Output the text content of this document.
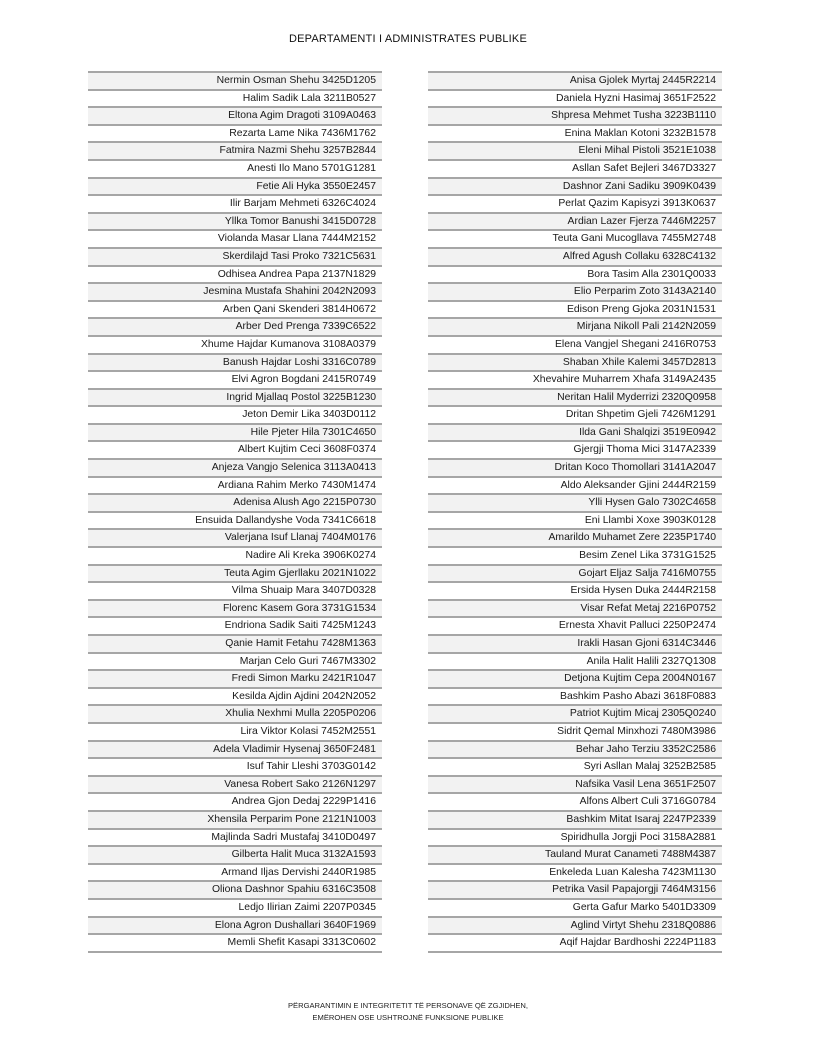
DEPARTAMENTI I ADMINISTRATES PUBLIKE
Nermin Osman Shehu 3425D1205
Halim Sadik Lala 3211B0527
Eltona Agim Dragoti 3109A0463
Rezarta Lame Nika 7436M1762
Fatmira Nazmi Shehu 3257B2844
Anesti Ilo Mano 5701G1281
Fetie Ali Hyka 3550E2457
Ilir Barjam Mehmeti 6326C4024
Yllka Tomor Banushi 3415D0728
Violanda Masar Llana 7444M2152
Skerdilajd Tasi Proko 7321C5631
Odhisea Andrea Papa 2137N1829
Jesmina Mustafa Shahini 2042N2093
Arben Qani Skenderi 3814H0672
Arber Ded Prenga 7339C6522
Xhume Hajdar Kumanova 3108A0379
Banush Hajdar Loshi 3316C0789
Elvi Agron Bogdani 2415R0749
Ingrid Mjallaq Postol 3225B1230
Jeton Demir Lika 3403D0112
Hile Pjeter Hila 7301C4650
Albert Kujtim Ceci 3608F0374
Anjeza Vangjo Selenica 3113A0413
Ardiana Rahim Merko 7430M1474
Adenisa Alush Ago 2215P0730
Ensuida Dallandyshe Voda 7341C6618
Valerjana Isuf Llanaj 7404M0176
Nadire Ali Kreka 3906K0274
Teuta Agim Gjerllaku 2021N1022
Vilma Shuaip Mara 3407D0328
Florenc Kasem Gora 3731G1534
Endriona Sadik Saiti 7425M1243
Qanie Hamit Fetahu 7428M1363
Marjan Celo Guri 7467M3302
Fredi Simon Marku 2421R1047
Kesilda Ajdin Ajdini 2042N2052
Xhulia Nexhmi Mulla 2205P0206
Lira Viktor Kolasi 7452M2551
Adela Vladimir Hysenaj 3650F2481
Isuf Tahir Lleshi 3703G0142
Vanesa Robert Sako 2126N1297
Andrea Gjon Dedaj 2229P1416
Xhensila Perparim Pone 2121N1003
Majlinda Sadri Mustafaj 3410D0497
Gilberta Halit Muca 3132A1593
Armand Iljas Dervishi 2440R1985
Oliona Dashnor Spahiu 6316C3508
Ledjo Ilirian Zaimi 2207P0345
Elona Agron Dushallari 3640F1969
Memli Shefit Kasapi 3313C0602
Anisa Gjolek Myrtaj 2445R2214
Daniela Hyzni Hasimaj 3651F2522
Shpresa Mehmet Tusha 3223B1110
Enina Maklan Kotoni 3232B1578
Eleni Mihal Pistoli 3521E1038
Asllan Safet Bejleri 3467D3327
Dashnor Zani Sadiku 3909K0439
Perlat Qazim Kapisyzi 3913K0637
Ardian Lazer Fjerza 7446M2257
Teuta Gani Mucogllava 7455M2748
Alfred Agush Collaku 6328C4132
Bora Tasim Alla 2301Q0033
Elio Perparim Zoto 3143A2140
Edison Preng Gjoka 2031N1531
Mirjana Nikoll Pali 2142N2059
Elena Vangjel Shegani 2416R0753
Shaban Xhile Kalemi 3457D2813
Xhevahire Muharrem Xhafa 3149A2435
Neritan Halil Myderrizi 2320Q0958
Dritan Shpetim Gjeli 7426M1291
Ilda Gani Shalqizi 3519E0942
Gjergji Thoma Mici 3147A2339
Dritan Koco Thomollari 3141A2047
Aldo Aleksander Gjini 2444R2159
Ylli Hysen Galo 7302C4658
Eni Llambi Xoxe 3903K0128
Amarildo Muhamet Zere 2235P1740
Besim Zenel Lika 3731G1525
Gojart Eljaz Salja 7416M0755
Ersida Hysen Duka 2444R2158
Visar Refat Metaj 2216P0752
Ernesta Xhavit Palluci 2250P2474
Irakli Hasan Gjoni 6314C3446
Anila Halit Halili 2327Q1308
Detjona Kujtim Cepa 2004N0167
Bashkim Pasho Abazi 3618F0883
Patriot Kujtim Micaj 2305Q0240
Sidrit Qemal Minxhozi 7480M3986
Behar Jaho Terziu 3352C2586
Syri Asllan Malaj 3252B2585
Nafsika Vasil Lena 3651F2507
Alfons Albert Culi 3716G0784
Bashkim Mitat Isaraj 2247P2339
Spiridhulla Jorgji Poci 3158A2881
Tauland Murat Canameti 7488M4387
Enkeleda Luan Kalesha 7423M1130
Petrika Vasil Papajorgji 7464M3156
Gerta Gafur Marko 5401D3309
Aglind Virtyt Shehu 2318Q0886
Aqif Hajdar Bardhoshi 2224P1183
PËRGARANTIMIN E INTEGRITETIT TË PERSONAVE QË ZGJIDHEN,
EMËROHEN OSE USHTROJNË FUNKSIONE PUBLIKE
